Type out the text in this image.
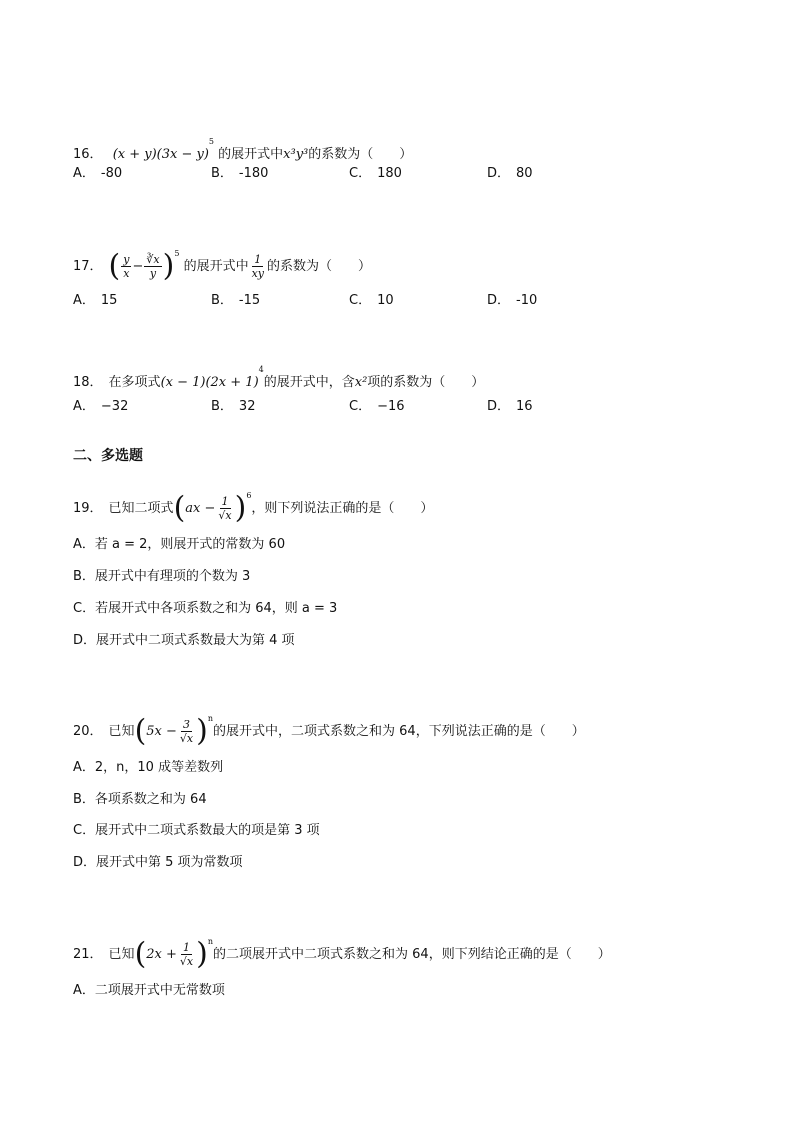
16． $(x + y)(3x - y)^5$ 的展开式中x³y³的系数为（　　）
A． -80	B． -180	C． 180	D． 80
17． ( $\frac{y}{x} - \frac{∛x}{y} )^5$ 的展开式中 $\frac{1}{xy}$ 的系数为（　　）
A． 15	B． -15	C． 10	D． -10
18． 在多项式$(x - 1)(2x + 1)^4$的展开式中，含x²项的系数为（　　）
A． −32	B． 32	C． −16	D． 16
二、多选题
19． 已知二项式$(ax - \frac{1}{√x} )^6$，则下列说法正确的是（　　）
A．若 a = 2，则展开式的常数为 60
B．展开式中有理项的个数为 3
C．若展开式中各项系数之和为 64，则 a = 3
D．展开式中二项式系数最大为第 4 项
20． 已知$(5x - \frac{3}{√x} )^n$的展开式中，二项式系数之和为 64，下列说法正确的是（　　）
A．2，n，10 成等差数列
B．各项系数之和为 64
C．展开式中二项式系数最大的项是第 3 项
D．展开式中第 5 项为常数项
21． 已知$(2x + \frac{1}{√x} )^n$的二项展开式中二项式系数之和为 64，则下列结论正确的是（　　）
A．二项展开式中无常数项
